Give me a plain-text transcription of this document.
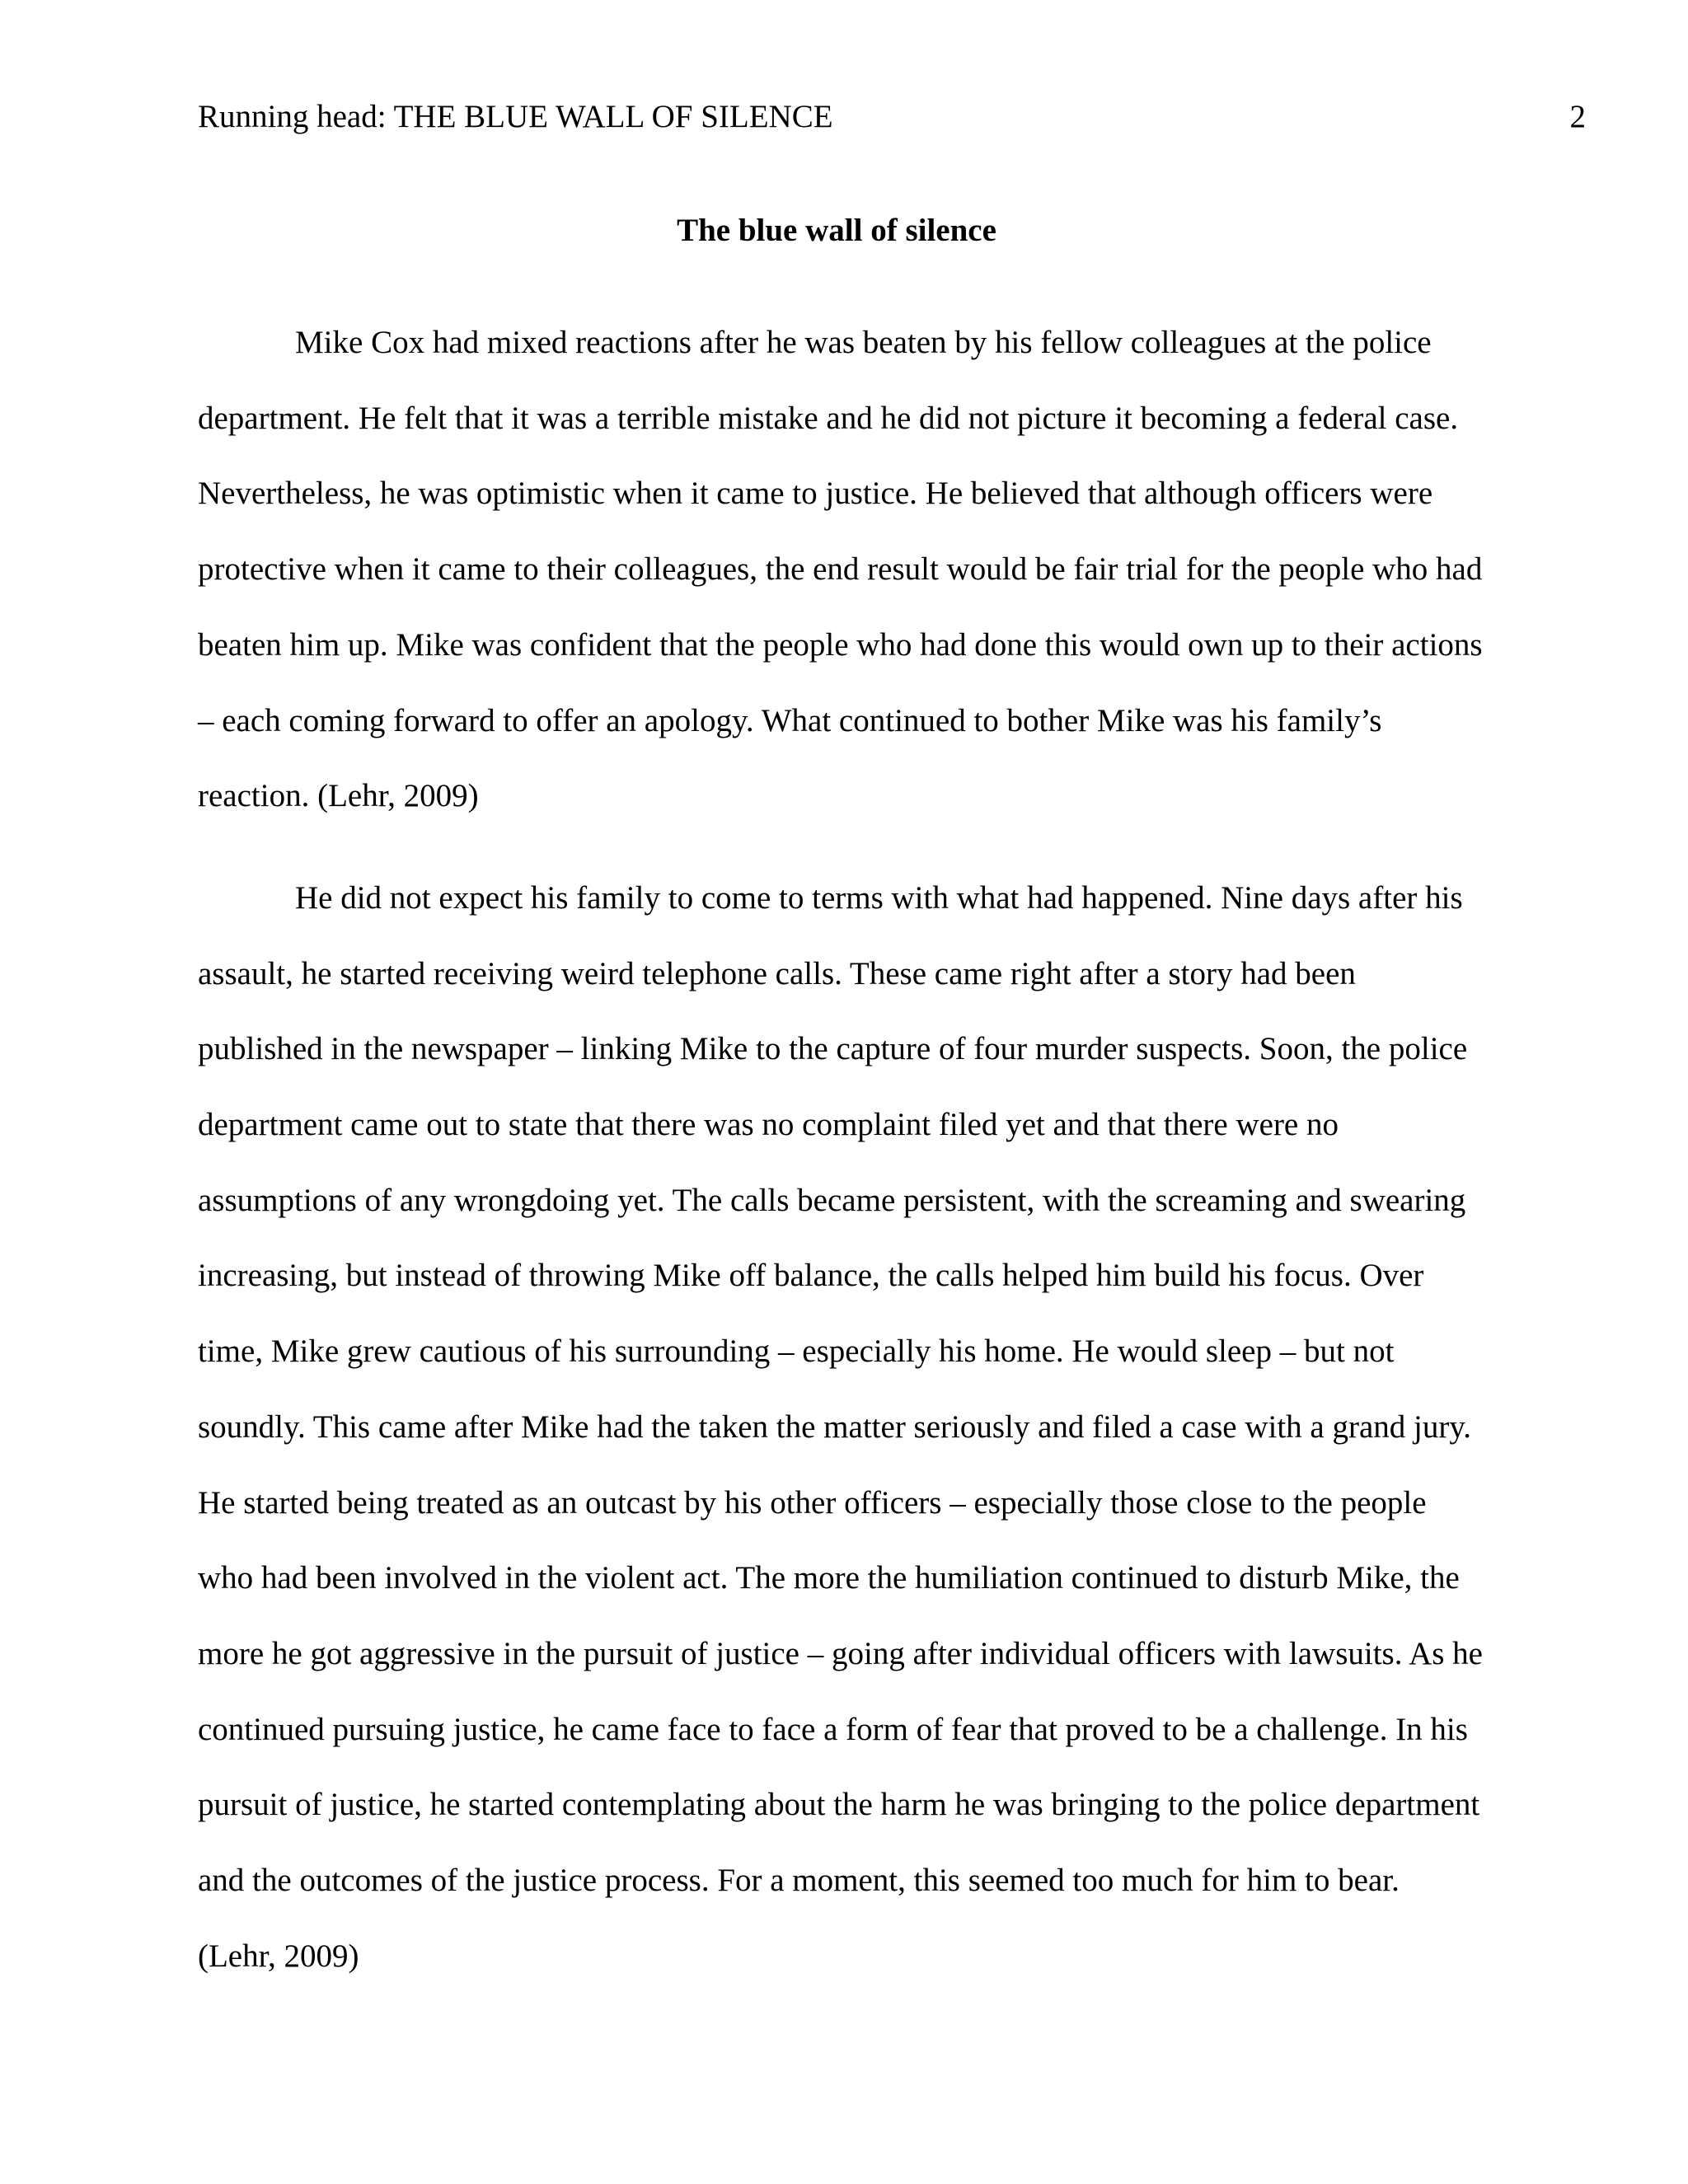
Running head: THE BLUE WALL OF SILENCE	2
The blue wall of silence

Mike Cox had mixed reactions after he was beaten by his fellow colleagues at the police department. He felt that it was a terrible mistake and he did not picture it becoming a federal case. Nevertheless, he was optimistic when it came to justice. He believed that although officers were protective when it came to their colleagues, the end result would be fair trial for the people who had beaten him up. Mike was confident that the people who had done this would own up to their actions – each coming forward to offer an apology. What continued to bother Mike was his family’s reaction. (Lehr, 2009)

He did not expect his family to come to terms with what had happened. Nine days after his assault, he started receiving weird telephone calls. These came right after a story had been published in the newspaper – linking Mike to the capture of four murder suspects. Soon, the police department came out to state that there was no complaint filed yet and that there were no assumptions of any wrongdoing yet. The calls became persistent, with the screaming and swearing increasing, but instead of throwing Mike off balance, the calls helped him build his focus. Over time, Mike grew cautious of his surrounding – especially his home. He would sleep – but not soundly. This came after Mike had the taken the matter seriously and filed a case with a grand jury. He started being treated as an outcast by his other officers – especially those close to the people who had been involved in the violent act. The more the humiliation continued to disturb Mike, the more he got aggressive in the pursuit of justice – going after individual officers with lawsuits. As he continued pursuing justice, he came face to face a form of fear that proved to be a challenge. In his pursuit of justice, he started contemplating about the harm he was bringing to the police department and the outcomes of the justice process. For a moment, this seemed too much for him to bear. (Lehr, 2009)
